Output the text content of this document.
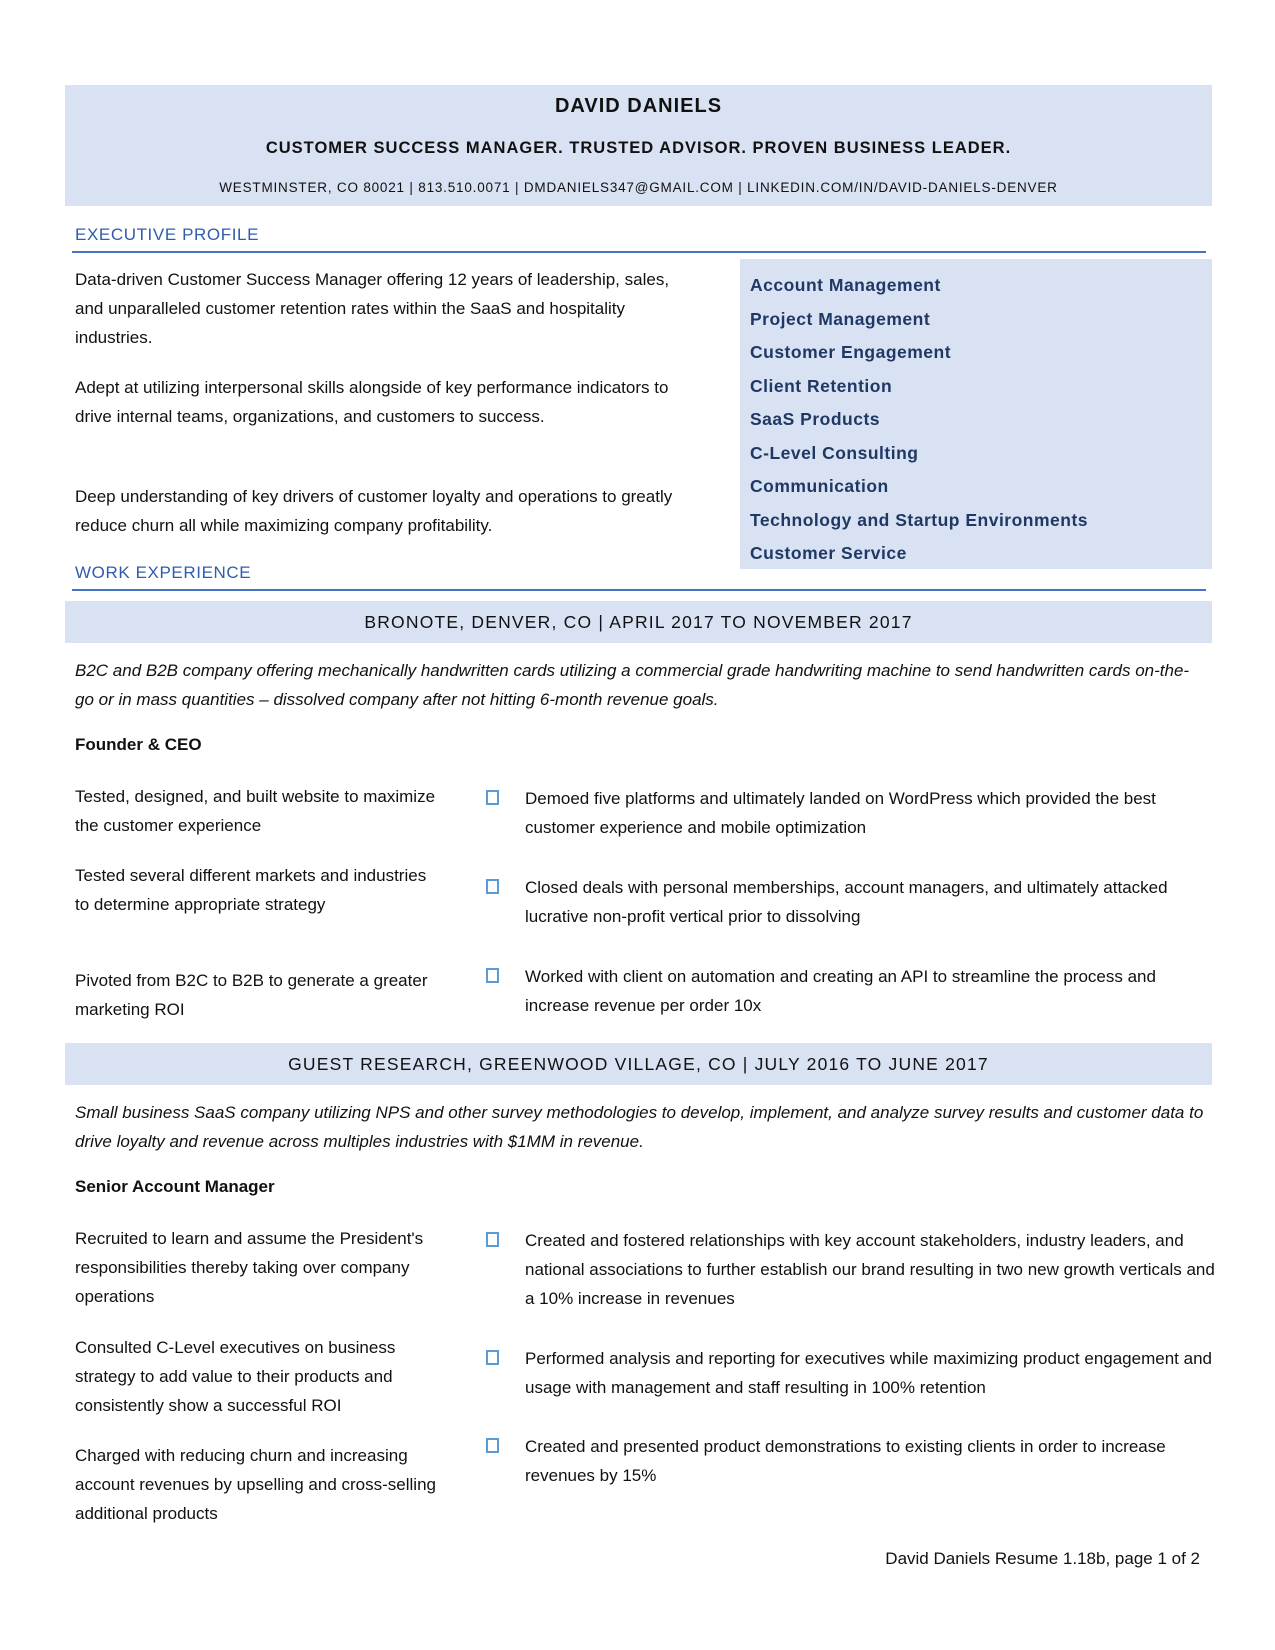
DAVID DANIELS
CUSTOMER SUCCESS MANAGER. TRUSTED ADVISOR. PROVEN BUSINESS LEADER.
WESTMINSTER, CO 80021 | 813.510.0071 | DMDANIELS347@GMAIL.COM | LINKEDIN.COM/IN/DAVID-DANIELS-DENVER
EXECUTIVE PROFILE
Data-driven Customer Success Manager offering 12 years of leadership, sales, and unparalleled customer retention rates within the SaaS and hospitality industries.
Adept at utilizing interpersonal skills alongside of key performance indicators to drive internal teams, organizations, and customers to success.
Deep understanding of key drivers of customer loyalty and operations to greatly reduce churn all while maximizing company profitability.
Account Management
Project Management
Customer Engagement
Client Retention
SaaS Products
C-Level Consulting
Communication
Technology and Startup Environments
Customer Service
WORK EXPERIENCE
BRONOTE, DENVER, CO | APRIL 2017 TO NOVEMBER 2017
B2C and B2B company offering mechanically handwritten cards utilizing a commercial grade handwriting machine to send handwritten cards on-the-go or in mass quantities – dissolved company after not hitting 6-month revenue goals.
Founder & CEO
Tested, designed, and built website to maximize the customer experience
Tested several different markets and industries to determine appropriate strategy
Pivoted from B2C to B2B to generate a greater marketing ROI
Demoed five platforms and ultimately landed on WordPress which provided the best customer experience and mobile optimization
Closed deals with personal memberships, account managers, and ultimately attacked lucrative non-profit vertical prior to dissolving
Worked with client on automation and creating an API to streamline the process and increase revenue per order 10x
GUEST RESEARCH, GREENWOOD VILLAGE, CO | JULY 2016 TO JUNE 2017
Small business SaaS company utilizing NPS and other survey methodologies to develop, implement, and analyze survey results and customer data to drive loyalty and revenue across multiples industries with $1MM in revenue.
Senior Account Manager
Recruited to learn and assume the President's responsibilities thereby taking over company operations
Consulted C-Level executives on business strategy to add value to their products and consistently show a successful ROI
Charged with reducing churn and increasing account revenues by upselling and cross-selling additional products
Created and fostered relationships with key account stakeholders, industry leaders, and national associations to further establish our brand resulting in two new growth verticals and a 10% increase in revenues
Performed analysis and reporting for executives while maximizing product engagement and usage with management and staff resulting in 100% retention
Created and presented product demonstrations to existing clients in order to increase revenues by 15%
David Daniels Resume 1.18b, page 1 of 2
